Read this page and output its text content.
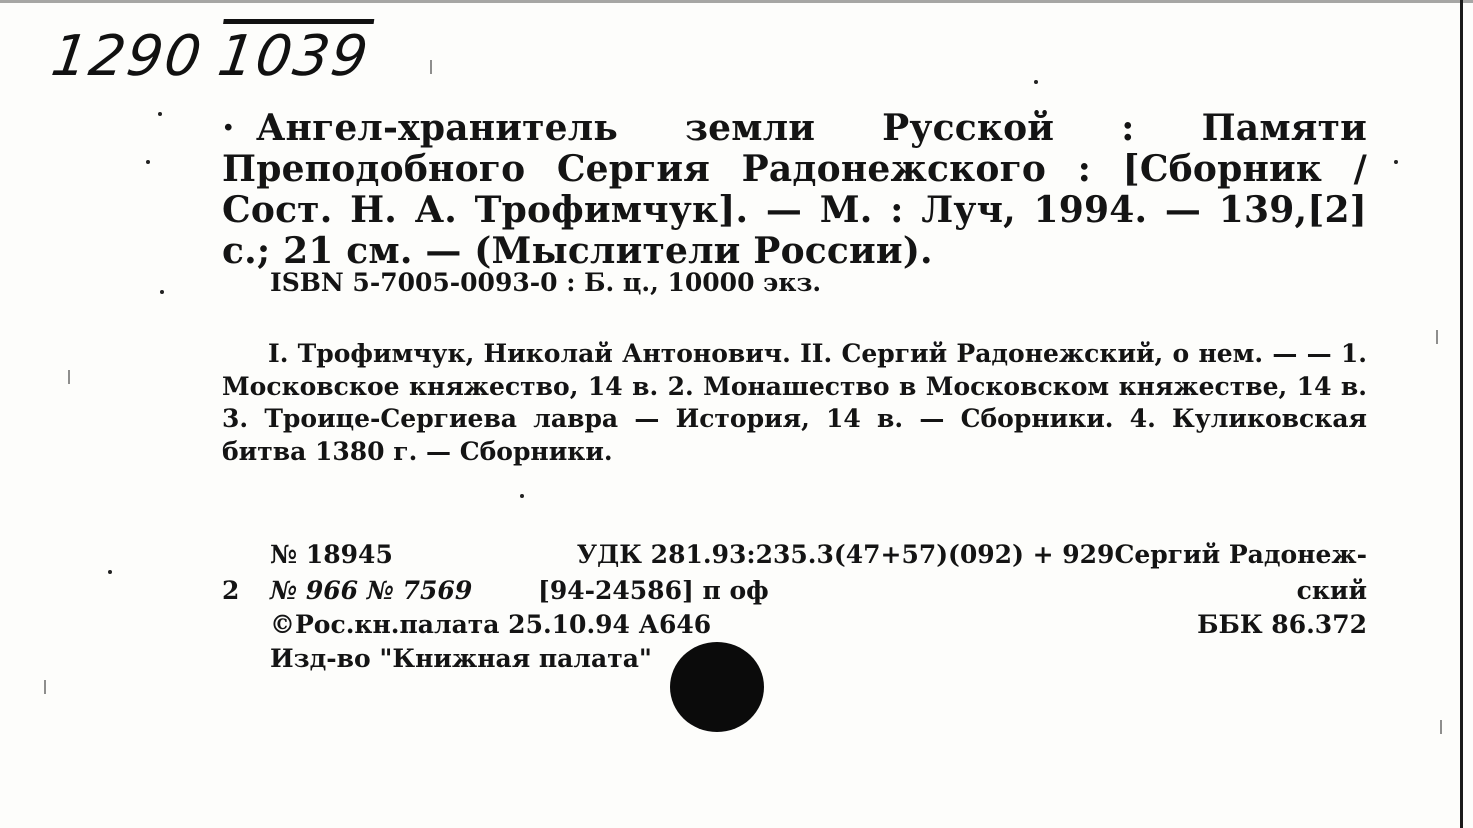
1290 1039
· Ангел-хранитель земли Русской : Памяти Преподобного Сергия Радонежского : [Сборник / Сост. Н. А. Трофимчук]. — М. : Луч, 1994. — 139,[2] с.; 21 см. — (Мыслители России).
ISBN 5-7005-0093-0 : Б. ц., 10000 экз.
I. Трофимчук, Николай Антонович. II. Сергий Радонежский, о нем. — — 1. Московское княжество, 14 в. 2. Монашество в Московском княжестве, 14 в. 3. Троице-Сергиева лавра — История, 14 в. — Сборники. 4. Куликовская битва 1380 г. — Сборники.
№ 18945	УДК 281.93:235.3(47+57)(092) + 929Сергий Радонеж-
ский
2 № 966 № 7569	[94-24586] п оф
©Рос.кн.палата 25.10.94 А646	ББК 86.372
Изд-во "Книжная палата"
